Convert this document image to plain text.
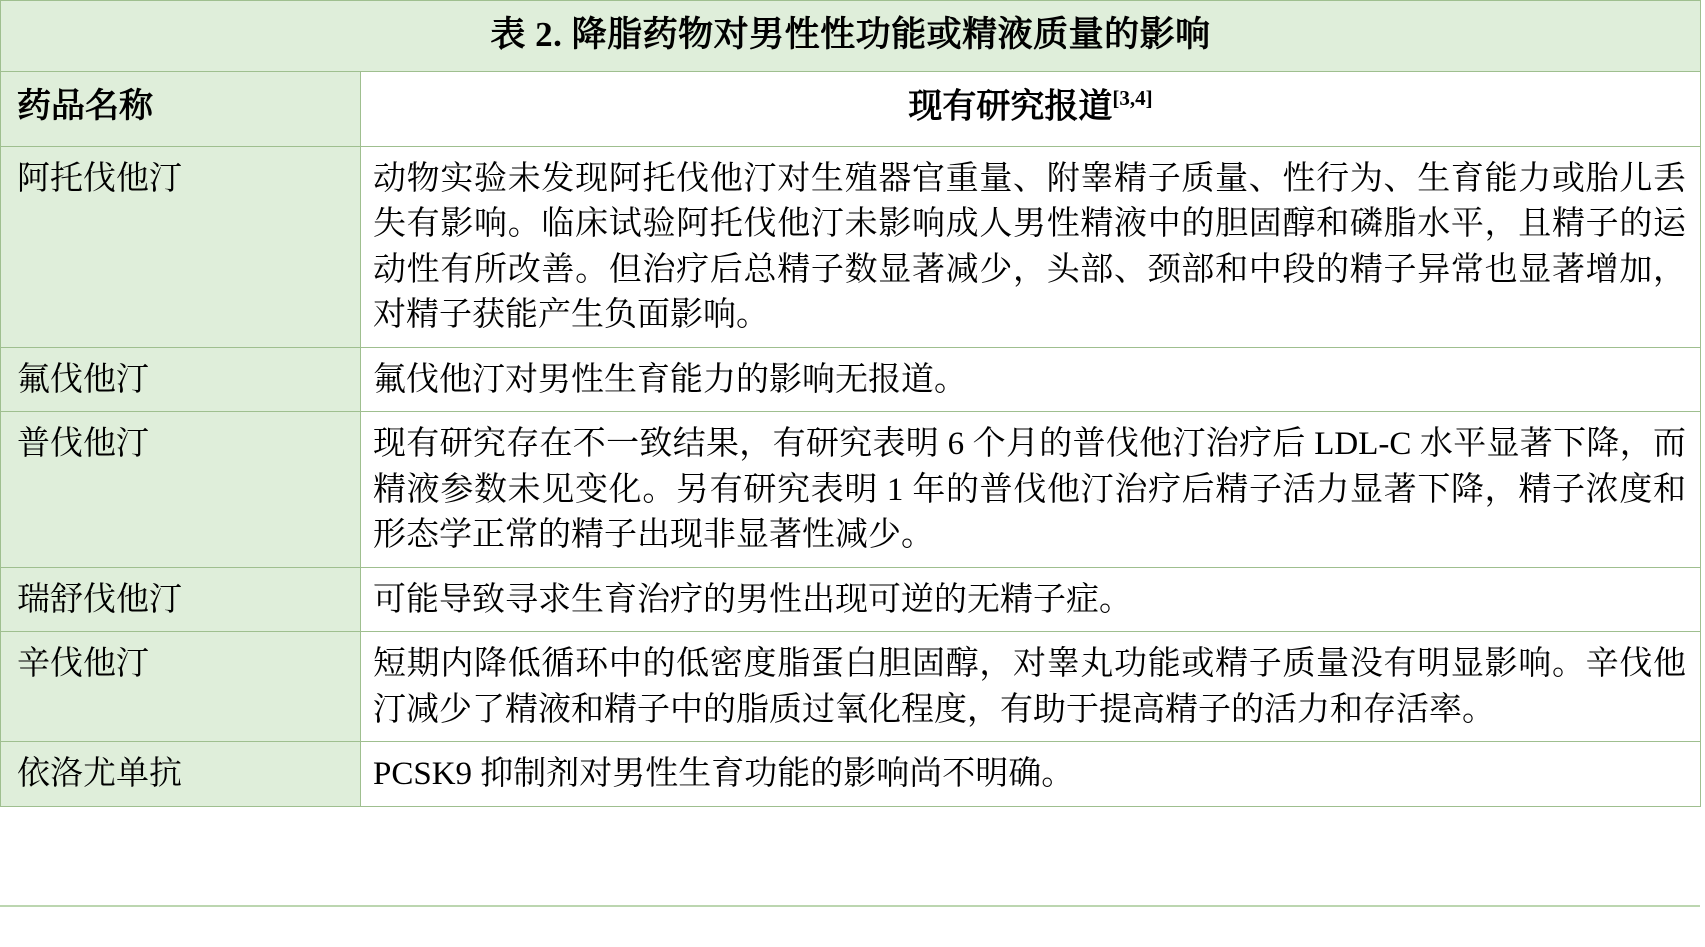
表 2. 降脂药物对男性性功能或精液质量的影响	
药品名称	现有研究报道[3,4]
阿托伐他汀	动物实验未发现阿托伐他汀对生殖器官重量、附睾精子质量、性行为、生育能力或胎儿丢失有影响。临床试验阿托伐他汀未影响成人男性精液中的胆固醇和磷脂水平，且精子的运动性有所改善。但治疗后总精子数显著减少，头部、颈部和中段的精子异常也显著增加，对精子获能产生负面影响。
氟伐他汀	氟伐他汀对男性生育能力的影响无报道。
普伐他汀	现有研究存在不一致结果，有研究表明 6 个月的普伐他汀治疗后 LDL-C 水平显著下降，而精液参数未见变化。另有研究表明 1 年的普伐他汀治疗后精子活力显著下降，精子浓度和形态学正常的精子出现非显著性减少。
瑞舒伐他汀	可能导致寻求生育治疗的男性出现可逆的无精子症。
辛伐他汀	短期内降低循环中的低密度脂蛋白胆固醇，对睾丸功能或精子质量没有明显影响。辛伐他汀减少了精液和精子中的脂质过氧化程度，有助于提高精子的活力和存活率。
依洛尤单抗	PCSK9 抑制剂对男性生育功能的影响尚不明确。
